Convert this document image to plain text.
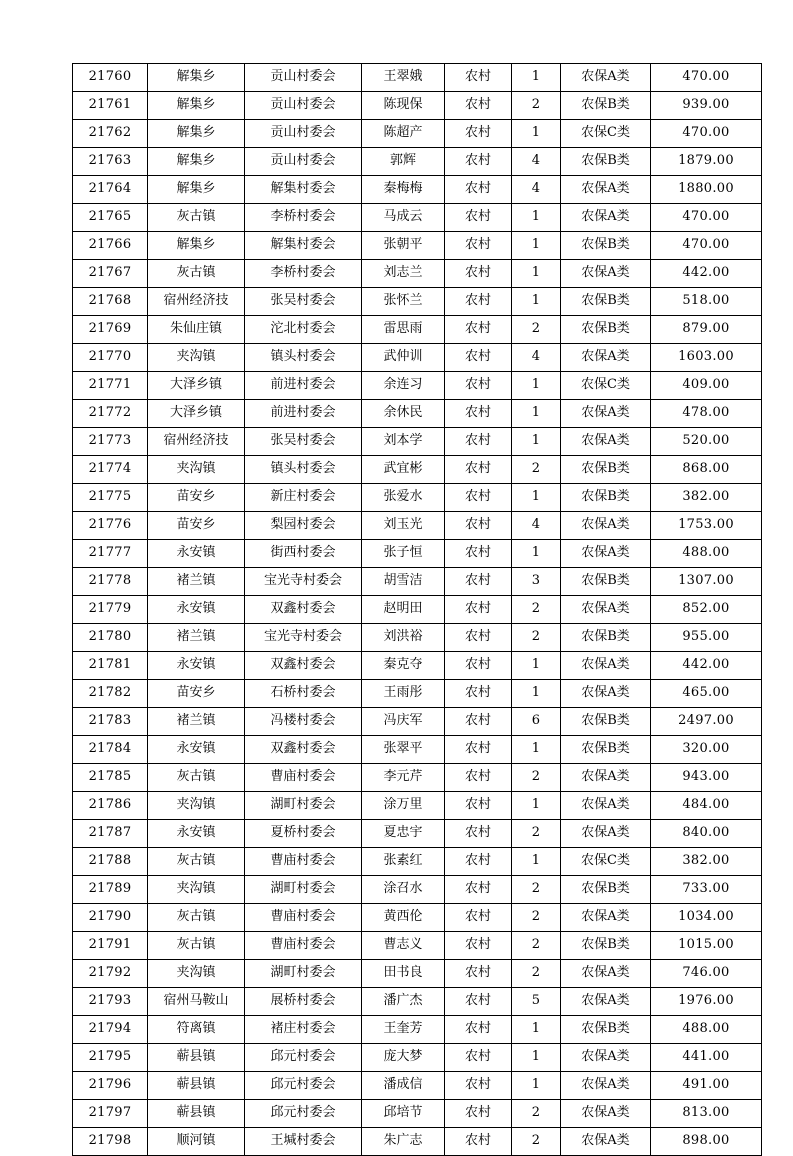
21760	解集乡	贡山村委会	王翠娥	农村	1	农保A类	470.00
21761	解集乡	贡山村委会	陈现保	农村	2	农保B类	939.00
21762	解集乡	贡山村委会	陈超产	农村	1	农保C类	470.00
21763	解集乡	贡山村委会	郭辉	农村	4	农保B类	1879.00
21764	解集乡	解集村委会	秦梅梅	农村	4	农保A类	1880.00
21765	灰古镇	李桥村委会	马成云	农村	1	农保A类	470.00
21766	解集乡	解集村委会	张朝平	农村	1	农保B类	470.00
21767	灰古镇	李桥村委会	刘志兰	农村	1	农保A类	442.00
21768	宿州经济技	张吴村委会	张怀兰	农村	1	农保B类	518.00
21769	朱仙庄镇	沱北村委会	雷思雨	农村	2	农保B类	879.00
21770	夹沟镇	镇头村委会	武仲训	农村	4	农保A类	1603.00
21771	大泽乡镇	前进村委会	余连习	农村	1	农保C类	409.00
21772	大泽乡镇	前进村委会	余休民	农村	1	农保A类	478.00
21773	宿州经济技	张吴村委会	刘本学	农村	1	农保A类	520.00
21774	夹沟镇	镇头村委会	武宜彬	农村	2	农保B类	868.00
21775	苗安乡	新庄村委会	张爱水	农村	1	农保B类	382.00
21776	苗安乡	梨园村委会	刘玉光	农村	4	农保A类	1753.00
21777	永安镇	街西村委会	张子恒	农村	1	农保A类	488.00
21778	褚兰镇	宝光寺村委会	胡雪洁	农村	3	农保B类	1307.00
21779	永安镇	双鑫村委会	赵明田	农村	2	农保A类	852.00
21780	褚兰镇	宝光寺村委会	刘洪裕	农村	2	农保B类	955.00
21781	永安镇	双鑫村委会	秦克夺	农村	1	农保A类	442.00
21782	苗安乡	石桥村委会	王雨彤	农村	1	农保A类	465.00
21783	褚兰镇	冯楼村委会	冯庆军	农村	6	农保B类	2497.00
21784	永安镇	双鑫村委会	张翠平	农村	1	农保B类	320.00
21785	灰古镇	曹庙村委会	李元芹	农村	2	农保A类	943.00
21786	夹沟镇	湖町村委会	涂万里	农村	1	农保A类	484.00
21787	永安镇	夏桥村委会	夏忠宇	农村	2	农保A类	840.00
21788	灰古镇	曹庙村委会	张素红	农村	1	农保C类	382.00
21789	夹沟镇	湖町村委会	涂召水	农村	2	农保B类	733.00
21790	灰古镇	曹庙村委会	黄西伦	农村	2	农保A类	1034.00
21791	灰古镇	曹庙村委会	曹志义	农村	2	农保B类	1015.00
21792	夹沟镇	湖町村委会	田书良	农村	2	农保A类	746.00
21793	宿州马鞍山	展桥村委会	潘广杰	农村	5	农保A类	1976.00
21794	符离镇	褚庄村委会	王奎芳	农村	1	农保B类	488.00
21795	蕲县镇	邱元村委会	庞大梦	农村	1	农保A类	441.00
21796	蕲县镇	邱元村委会	潘成信	农村	1	农保A类	491.00
21797	蕲县镇	邱元村委会	邱培节	农村	2	农保A类	813.00
21798	顺河镇	王堿村委会	朱广志	农村	2	农保A类	898.00
